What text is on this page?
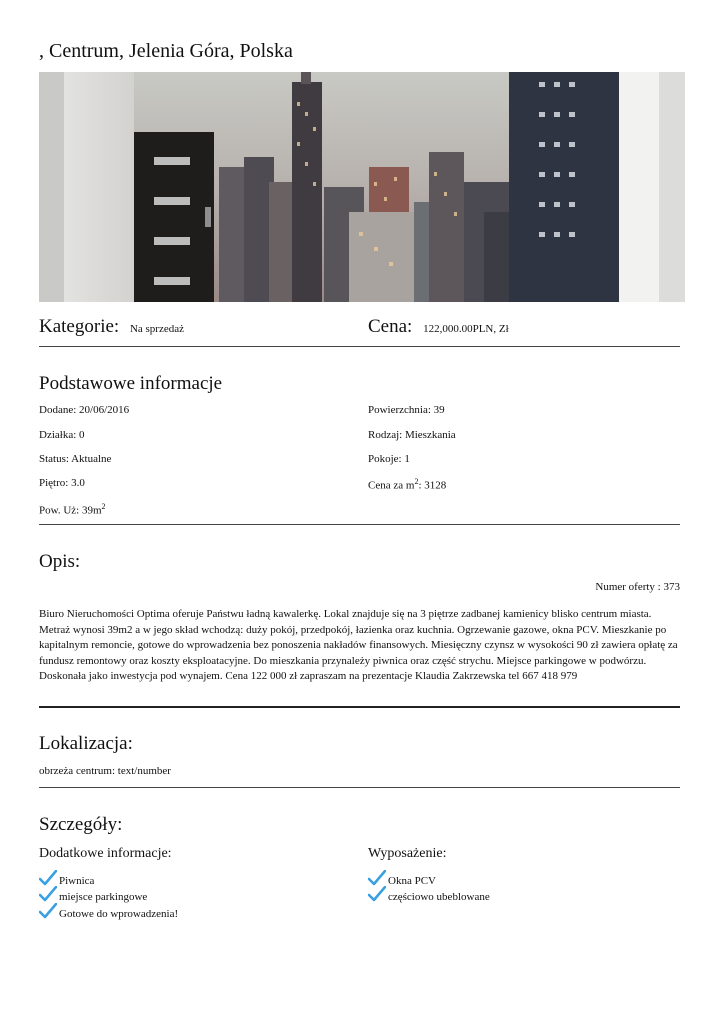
, Centrum, Jelenia Góra, Polska
Kategorie: Na sprzedaż	Cena: 122,000.00PLN, Zł
Podstawowe informacje
Dodane: 20/06/2016
Działka: 0
Status: Aktualne
Piętro: 3.0
Pow. Uż: $39m^2$
Powierzchnia: 39
Rodzaj: Mieszkania
Pokoje: 1
Cena za $m^2$: 3128
Opis:
Numer oferty : 373
Biuro Nieruchomości Optima oferuje Państwu ładną kawalerkę. Lokal znajduje się na 3 piętrze zadbanej kamienicy blisko centrum miasta. Metraż wynosi 39m2 a w jego skład wchodzą: duży pokój, przedpokój, łazienka oraz kuchnia. Ogrzewanie gazowe, okna PCV. Mieszkanie po kapitalnym remoncie, gotowe do wprowadzenia bez ponoszenia nakładów finansowych. Miesięczny czynsz w wysokości 90 zł zawiera opłatę za fundusz remontowy oraz koszty eksploatacyjne. Do mieszkania przynależy piwnica oraz część strychu. Miejsce parkingowe w podwórzu. Doskonała jako inwestycja pod wynajem. Cena 122 000 zł zapraszam na prezentacje Klaudia Zakrzewska tel 667 418 979
Lokalizacja:
obrzeża centrum: text/number
Szczegóły:
Dodatkowe informacje:	Wyposażenie:
Piwnica
miejsce parkingowe
Gotowe do wprowadzenia!
Okna PCV
częściowo ubeblowane
